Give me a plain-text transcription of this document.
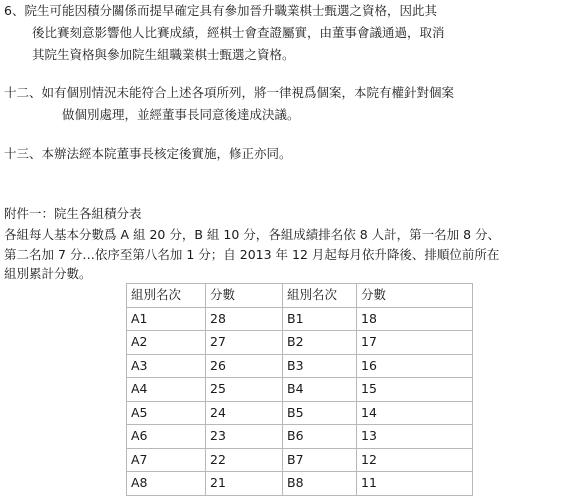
6、院生可能因積分關係而提早確定具有參加晉升職業棋士甄選之資格，因此其
後比賽刻意影響他人比賽成績，經棋士會查證屬實，由董事會議通過，取消
其院生資格與參加院生組職業棋士甄選之資格。
十二、如有個別情況未能符合上述各項所列，將一律視爲個案，本院有權針對個案
做個別處理，並經董事長同意後達成決議。
十三、本辦法經本院董事長核定後實施，修正亦同。
附件一：院生各組積分表
各組每人基本分數爲 A 組 20 分，B 組 10 分，各組成績排名依 8 人計，第一名加 8 分、
第二名加 7 分…依序至第八名加 1 分；自 2013 年 12 月起每月依升降後、排順位前所在
組別累計分數。
組別名次	分數	組別名次	分數
A1	28	B1	18
A2	27	B2	17
A3	26	B3	16
A4	25	B4	15
A5	24	B5	14
A6	23	B6	13
A7	22	B7	12
A8	21	B8	11
